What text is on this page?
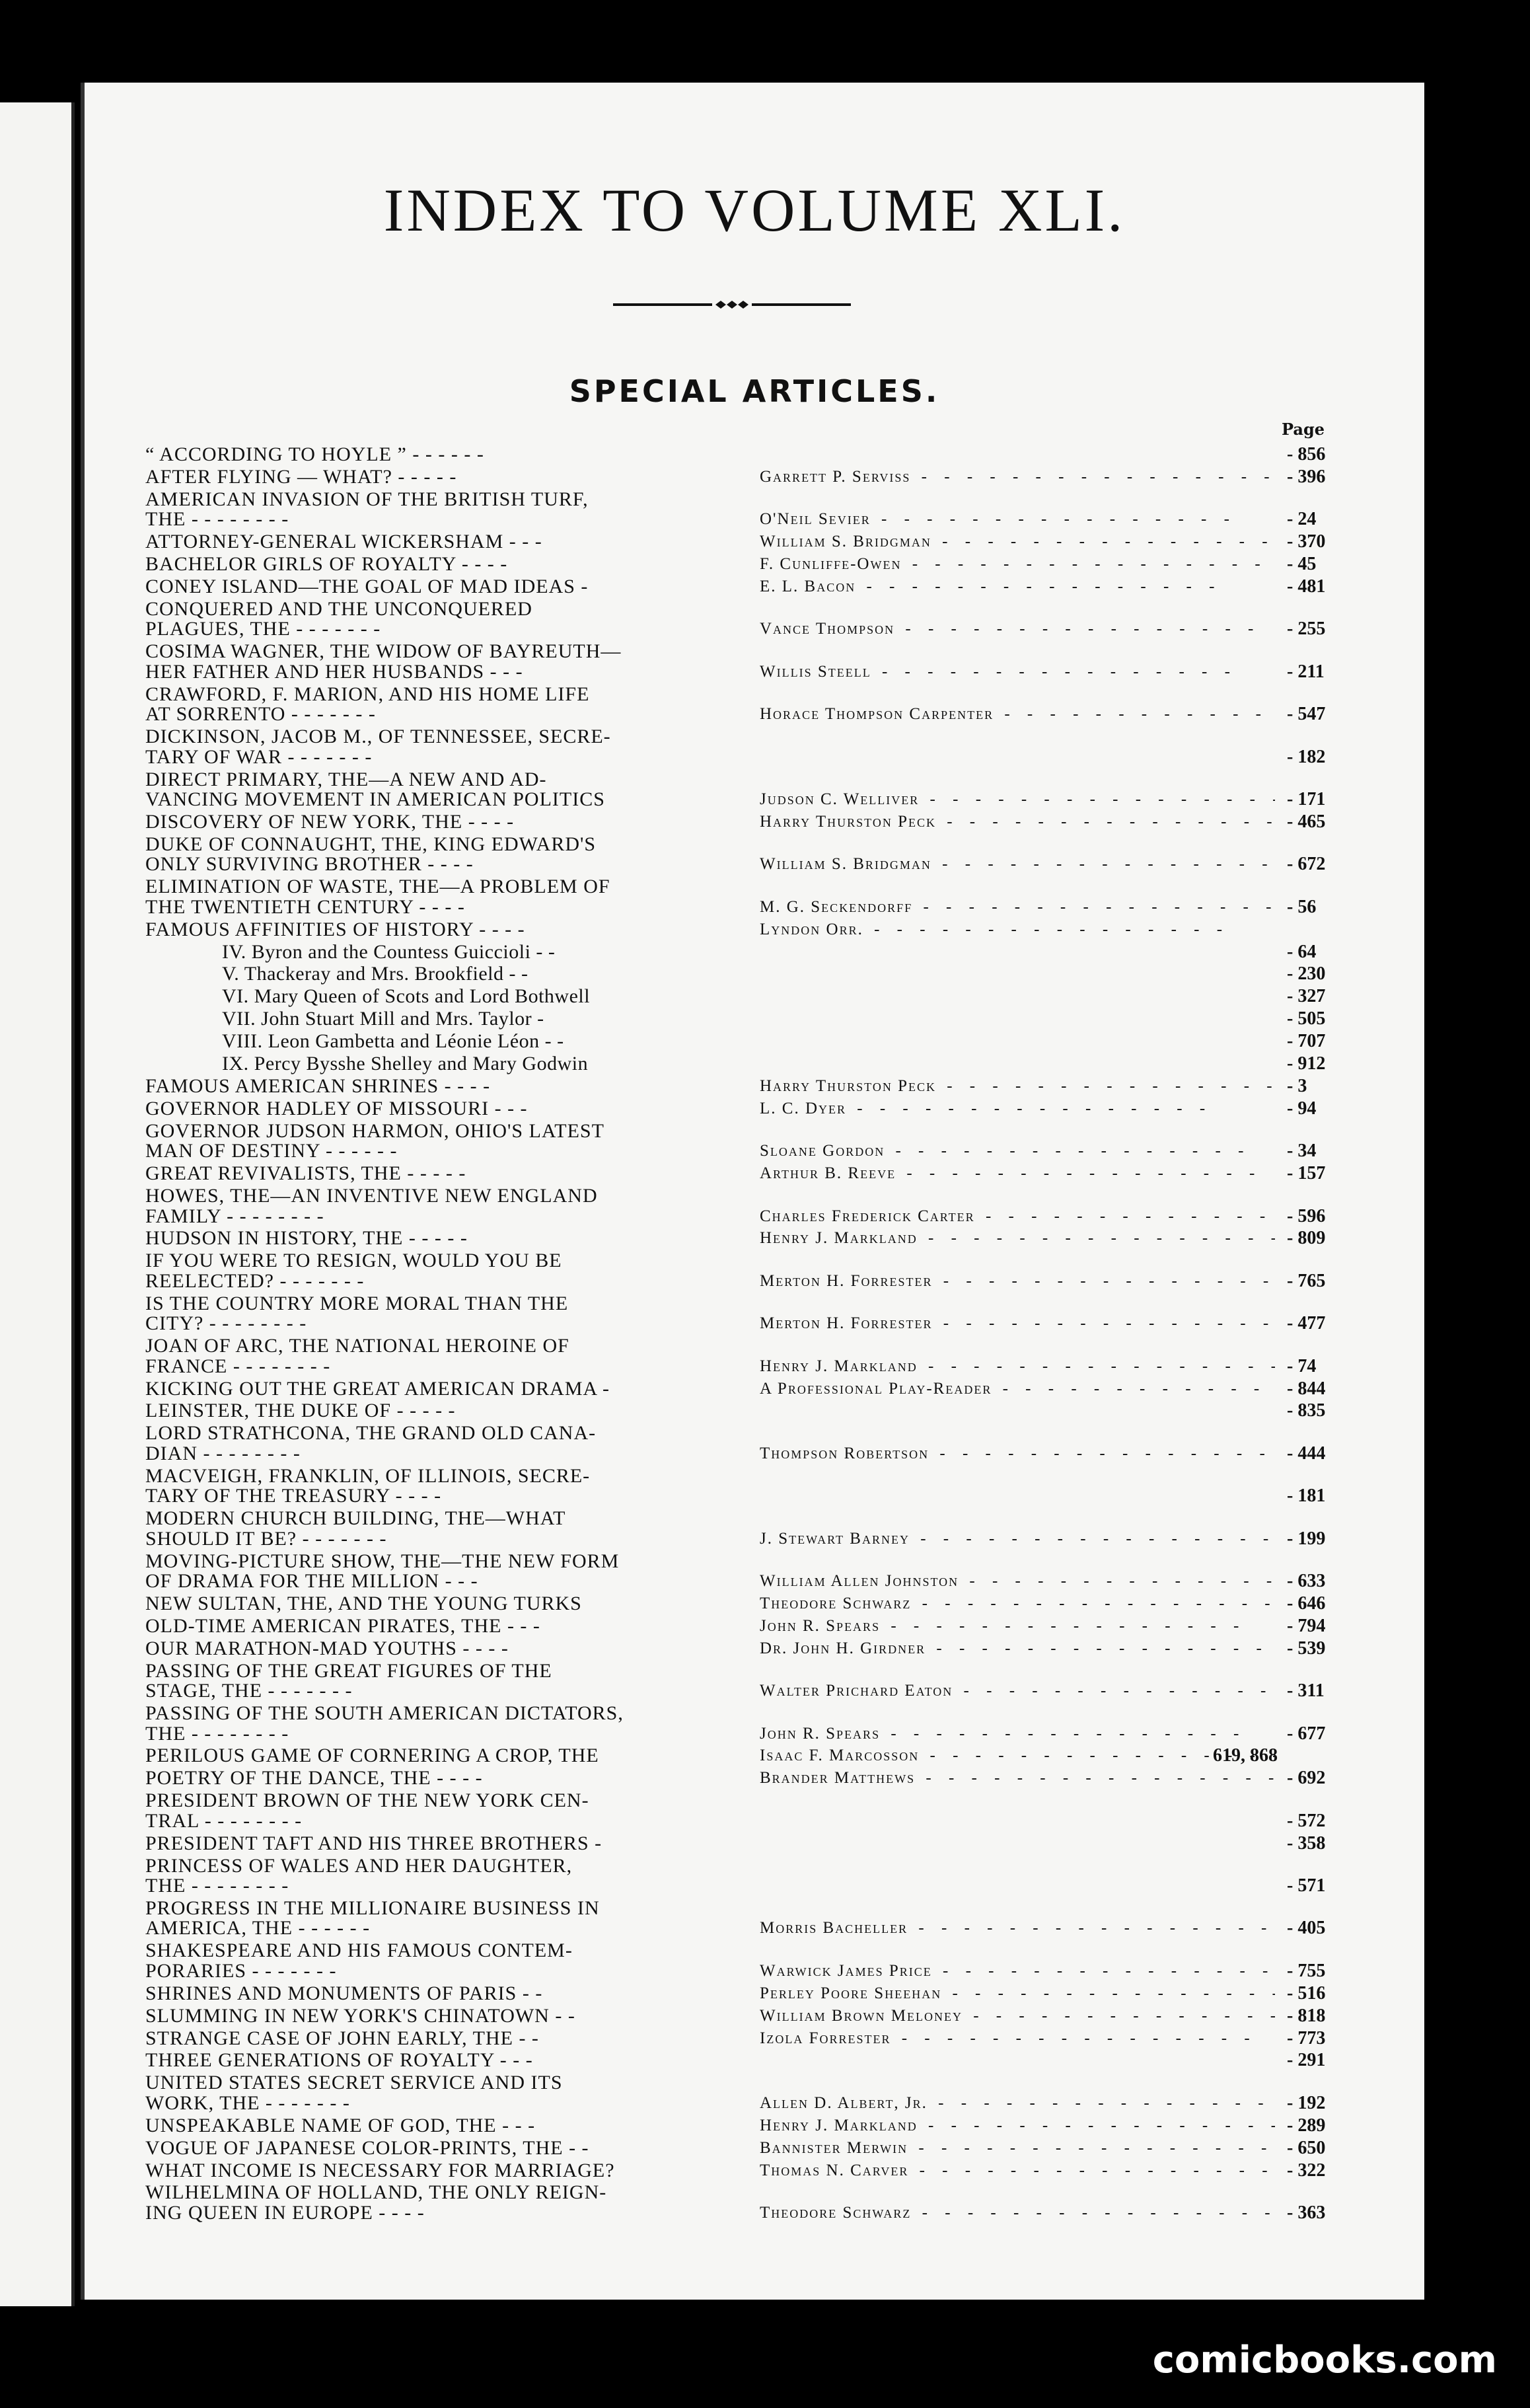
INDEX TO VOLUME XLI.
SPECIAL ARTICLES.
Page
“ ACCORDING TO HOYLE ” - - - - - -	- 856
AFTER FLYING — WHAT? - - - - -	Garrett P. Serviss - -	- 396
AMERICAN INVASION OF THE BRITISH TURF,
THE - - - - - - - -	O'Neil Sevier - -	- 24
ATTORNEY-GENERAL WICKERSHAM - - -	William S. Bridgman - -	- 370
BACHELOR GIRLS OF ROYALTY - - - -	F. Cunliffe-Owen - -	- 45
CONEY ISLAND—THE GOAL OF MAD IDEAS -	E. L. Bacon - -	- 481
CONQUERED AND THE UNCONQUERED
PLAGUES, THE - - - - - - -	Vance Thompson - -	- 255
COSIMA WAGNER, THE WIDOW OF BAYREUTH—
HER FATHER AND HER HUSBANDS - - -	Willis Steell - -	- 211
CRAWFORD, F. MARION, AND HIS HOME LIFE
AT SORRENTO - - - - - - -	Horace Thompson Carpenter - -	- 547
DICKINSON, JACOB M., OF TENNESSEE, SECRE-
TARY OF WAR - - - - - - -	- 182
DIRECT PRIMARY, THE—A NEW AND AD-
VANCING MOVEMENT IN AMERICAN POLITICS	Judson C. Welliver - -	- 171
DISCOVERY OF NEW YORK, THE - - - -	Harry Thurston Peck - -	- 465
DUKE OF CONNAUGHT, THE, KING EDWARD'S
ONLY SURVIVING BROTHER - - - -	William S. Bridgman - -	- 672
ELIMINATION OF WASTE, THE—A PROBLEM OF
THE TWENTIETH CENTURY - - - -	M. G. Seckendorff - -	- 56
FAMOUS AFFINITIES OF HISTORY - - - -	Lyndon Orr. - -
IV. Byron and the Countess Guiccioli - -	- 64
V. Thackeray and Mrs. Brookfield - -	- 230
VI. Mary Queen of Scots and Lord Bothwell	- 327
VII. John Stuart Mill and Mrs. Taylor -	- 505
VIII. Leon Gambetta and Léonie Léon - -	- 707
IX. Percy Bysshe Shelley and Mary Godwin	- 912
FAMOUS AMERICAN SHRINES - - - -	Harry Thurston Peck - -	- 3
GOVERNOR HADLEY OF MISSOURI - - -	L. C. Dyer - -	- 94
GOVERNOR JUDSON HARMON, OHIO'S LATEST
MAN OF DESTINY - - - - - -	Sloane Gordon - -	- 34
GREAT REVIVALISTS, THE - - - - -	Arthur B. Reeve - -	- 157
HOWES, THE—AN INVENTIVE NEW ENGLAND
FAMILY - - - - - - - -	Charles Frederick Carter - -	- 596
HUDSON IN HISTORY, THE - - - - -	Henry J. Markland - -	- 809
IF YOU WERE TO RESIGN, WOULD YOU BE
REELECTED? - - - - - - -	Merton H. Forrester - -	- 765
IS THE COUNTRY MORE MORAL THAN THE
CITY? - - - - - - - -	Merton H. Forrester - -	- 477
JOAN OF ARC, THE NATIONAL HEROINE OF
FRANCE - - - - - - - -	Henry J. Markland - -	- 74
KICKING OUT THE GREAT AMERICAN DRAMA -	A Professional Play-Reader - -	- 844
LEINSTER, THE DUKE OF - - - - -	- 835
LORD STRATHCONA, THE GRAND OLD CANA-
DIAN - - - - - - - -	Thompson Robertson - -	- 444
MACVEIGH, FRANKLIN, OF ILLINOIS, SECRE-
TARY OF THE TREASURY - - - -	- 181
MODERN CHURCH BUILDING, THE—WHAT
SHOULD IT BE? - - - - - - -	J. Stewart Barney - -	- 199
MOVING-PICTURE SHOW, THE—THE NEW FORM
OF DRAMA FOR THE MILLION - - -	William Allen Johnston - -	- 633
NEW SULTAN, THE, AND THE YOUNG TURKS	Theodore Schwarz - -	- 646
OLD-TIME AMERICAN PIRATES, THE - - -	John R. Spears - -	- 794
OUR MARATHON-MAD YOUTHS - - - -	Dr. John H. Girdner - -	- 539
PASSING OF THE GREAT FIGURES OF THE
STAGE, THE - - - - - - -	Walter Prichard Eaton - -	- 311
PASSING OF THE SOUTH AMERICAN DICTATORS,
THE - - - - - - - -	John R. Spears - -	- 677
PERILOUS GAME OF CORNERING A CROP, THE	Isaac F. Marcosson - -	619, 868
POETRY OF THE DANCE, THE - - - -	Brander Matthews - -	- 692
PRESIDENT BROWN OF THE NEW YORK CEN-
TRAL - - - - - - - -	- 572
PRESIDENT TAFT AND HIS THREE BROTHERS -	- 358
PRINCESS OF WALES AND HER DAUGHTER,
THE - - - - - - - -	- 571
PROGRESS IN THE MILLIONAIRE BUSINESS IN
AMERICA, THE - - - - - -	Morris Bacheller - -	- 405
SHAKESPEARE AND HIS FAMOUS CONTEM-
PORARIES - - - - - - -	Warwick James Price - -	- 755
SHRINES AND MONUMENTS OF PARIS - -	Perley Poore Sheehan - -	- 516
SLUMMING IN NEW YORK'S CHINATOWN - -	William Brown Meloney - -	- 818
STRANGE CASE OF JOHN EARLY, THE - -	Izola Forrester - -	- 773
THREE GENERATIONS OF ROYALTY - - -	- 291
UNITED STATES SECRET SERVICE AND ITS
WORK, THE - - - - - - -	Allen D. Albert, Jr. - -	- 192
UNSPEAKABLE NAME OF GOD, THE - - -	Henry J. Markland - -	- 289
VOGUE OF JAPANESE COLOR-PRINTS, THE - -	Bannister Merwin - -	- 650
WHAT INCOME IS NECESSARY FOR MARRIAGE?	Thomas N. Carver - -	- 322
WILHELMINA OF HOLLAND, THE ONLY REIGN-
ING QUEEN IN EUROPE - - - -	Theodore Schwarz - -	- 363
comicbooks.com
